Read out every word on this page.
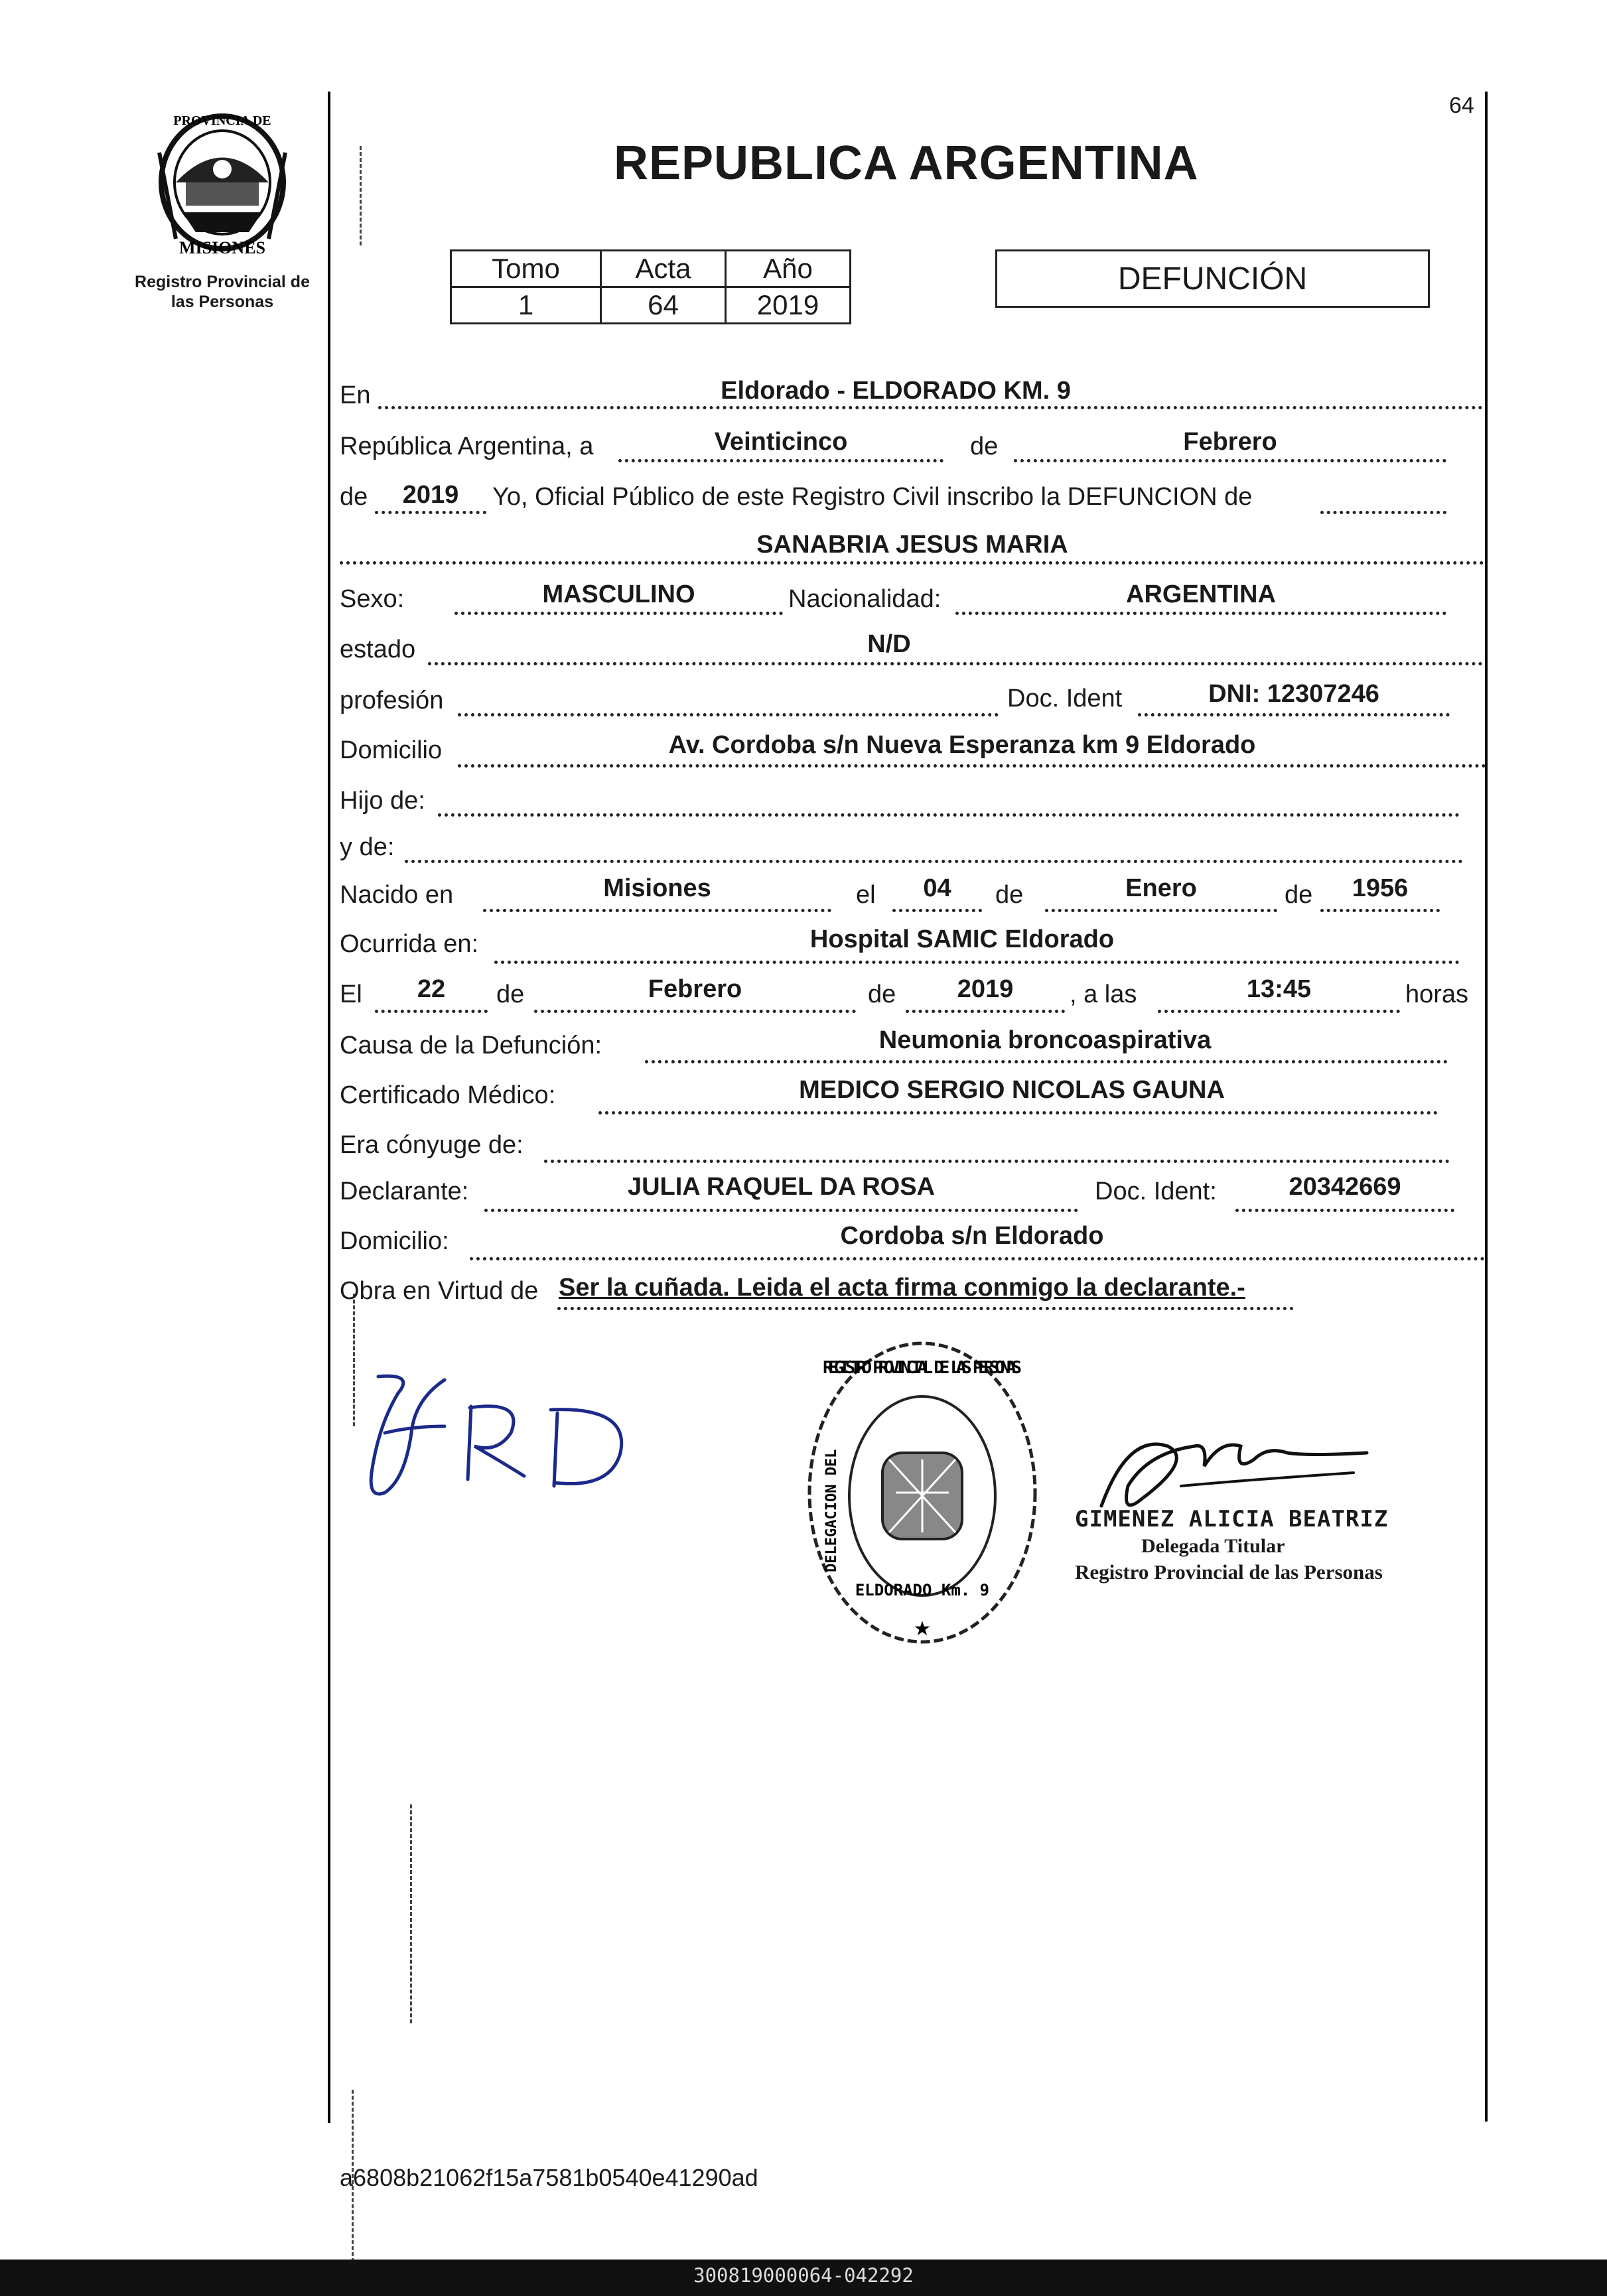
64
PROVINCIA DE
MISIONES
Registro Provincial de
las Personas
REPUBLICA ARGENTINA
Tomo	Acta	Año
1	64	2019
DEFUNCIÓN
En	Eldorado - ELDORADO KM. 9
República Argentina, a	Veinticinco	de	Febrero
de	2019	Yo, Oficial Público de este Registro Civil inscribo la DEFUNCION de
SANABRIA JESUS MARIA
Sexo:	MASCULINO	Nacionalidad:	ARGENTINA
estado	N/D
profesión	Doc. Ident	DNI: 12307246
Domicilio	Av. Cordoba s/n Nueva Esperanza km 9 Eldorado
Hijo de:
y de:
Nacido en	Misiones	el	04	de	Enero	de	1956
Ocurrida en:	Hospital SAMIC Eldorado
El	22	de	Febrero	de	2019	, a las	13:45	horas
Causa de la Defunción:	Neumonia broncoaspirativa
Certificado Médico:	MEDICO SERGIO NICOLAS GAUNA
Era cónyuge de:
Declarante:	JULIA RAQUEL DA ROSA	Doc. Ident:	20342669
Domicilio:	Cordoba s/n Eldorado
Obra en Virtud de Ser la cuñada. Leida el acta firma conmigo la declarante.-
REGISTRO PROVINCIAL DE LAS PERSONAS
DELEGACION DEL
ELDORADO Km. 9
★
GIMENEZ ALICIA BEATRIZ
Delegada Titular
Registro Provincial de las Personas
a6808b21062f15a7581b0540e41290ad
300819000064-042292
